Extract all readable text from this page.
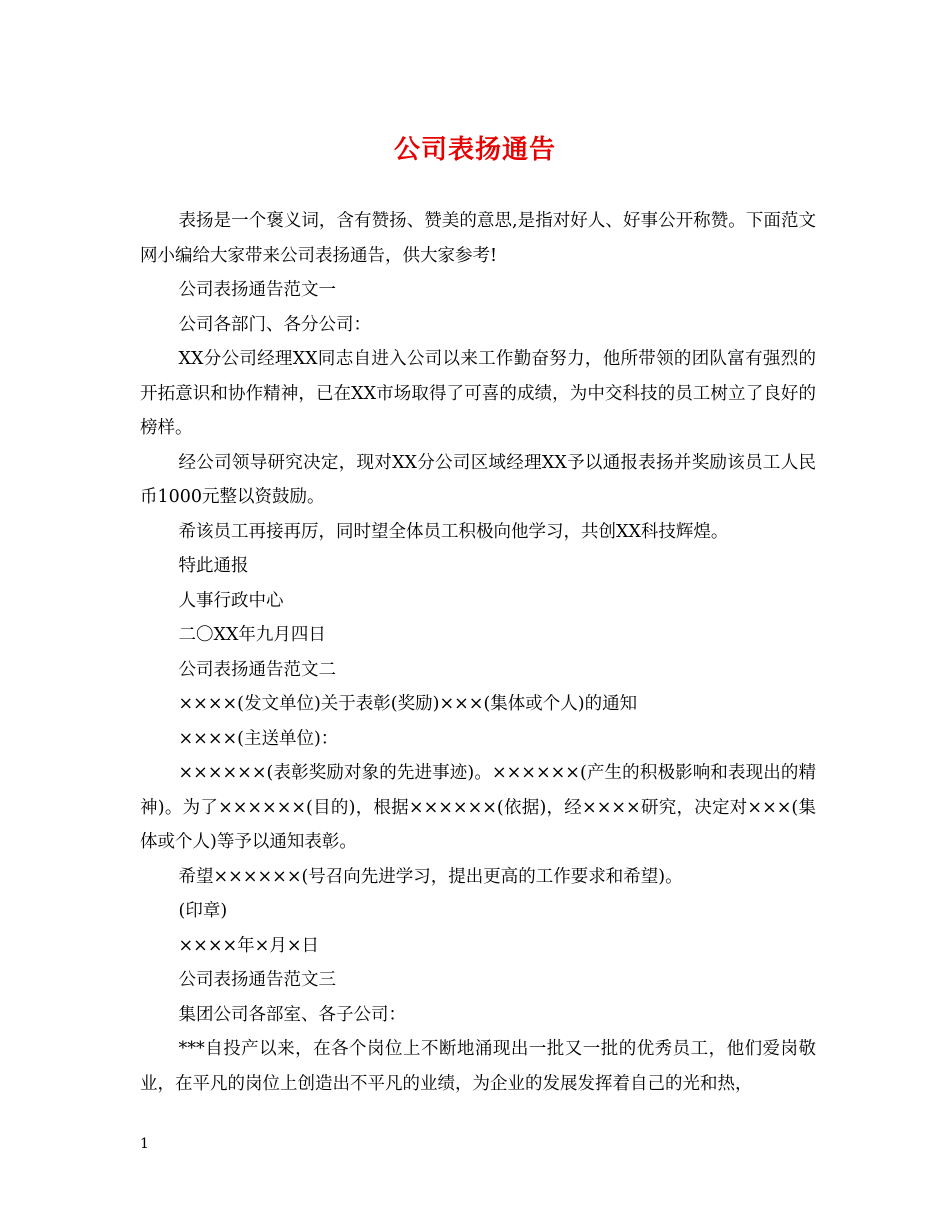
公司表扬通告

表扬是一个褒义词，含有赞扬、赞美的意思,是指对好人、好事公开称赞。下面范文网小编给大家带来公司表扬通告，供大家参考!

公司表扬通告范文一

公司各部门、各分公司：

XX分公司经理XX同志自进入公司以来工作勤奋努力，他所带领的团队富有强烈的开拓意识和协作精神，已在XX市场取得了可喜的成绩，为中交科技的员工树立了良好的榜样。

经公司领导研究决定，现对XX分公司区域经理XX予以通报表扬并奖励该员工人民币1000元整以资鼓励。

希该员工再接再厉，同时望全体员工积极向他学习，共创XX科技辉煌。

特此通报

人事行政中心

二〇XX年九月四日

公司表扬通告范文二

××××(发文单位)关于表彰(奖励)×××(集体或个人)的通知

××××(主送单位)：

××××××(表彰奖励对象的先进事迹)。××××××(产生的积极影响和表现出的精神)。为了××××××(目的)，根据××××××(依据)，经××××研究，决定对×××(集体或个人)等予以通知表彰。

希望××××××(号召向先进学习，提出更高的工作要求和希望)。

(印章)

××××年×月×日

公司表扬通告范文三

集团公司各部室、各子公司：

***自投产以来，在各个岗位上不断地涌现出一批又一批的优秀员工，他们爱岗敬业，在平凡的岗位上创造出不平凡的业绩，为企业的发展发挥着自己的光和热，

1
